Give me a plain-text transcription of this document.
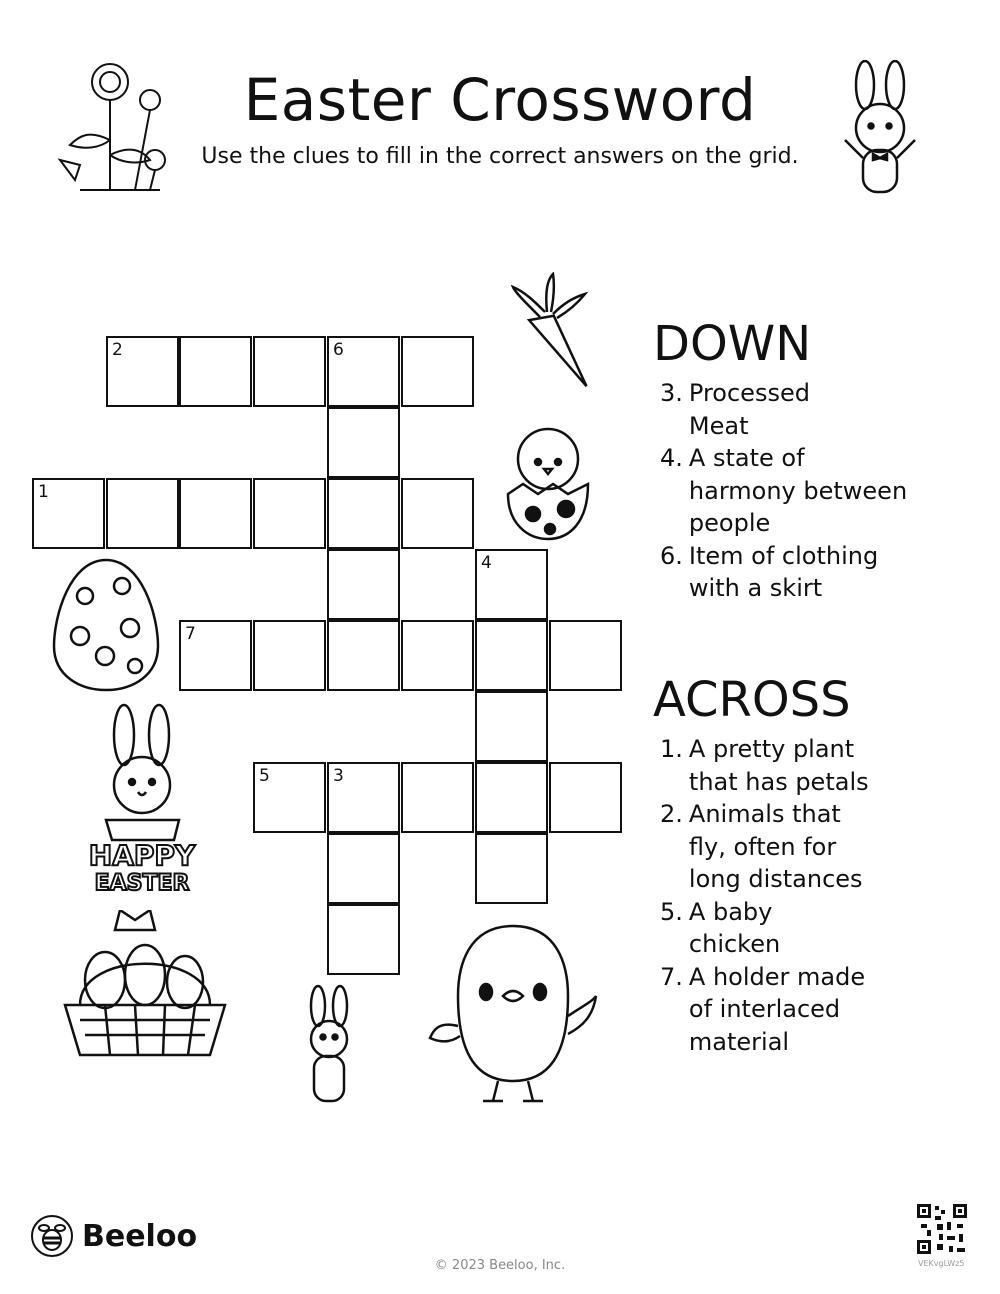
Easter Crossword

Use the clues to fill in the correct answers on the grid.

2	6
1
4
7
5	3
HAPPY
EASTER
DOWN
3. Processed Meat
4. A state of harmony between people
6. Item of clothing with a skirt
ACROSS
1. A pretty plant that has petals
2. Animals that fly, often for long distances
5. A baby chicken
7. A holder made of interlaced material
Beeloo
© 2023 Beeloo, Inc.	VEKvgLWz5
